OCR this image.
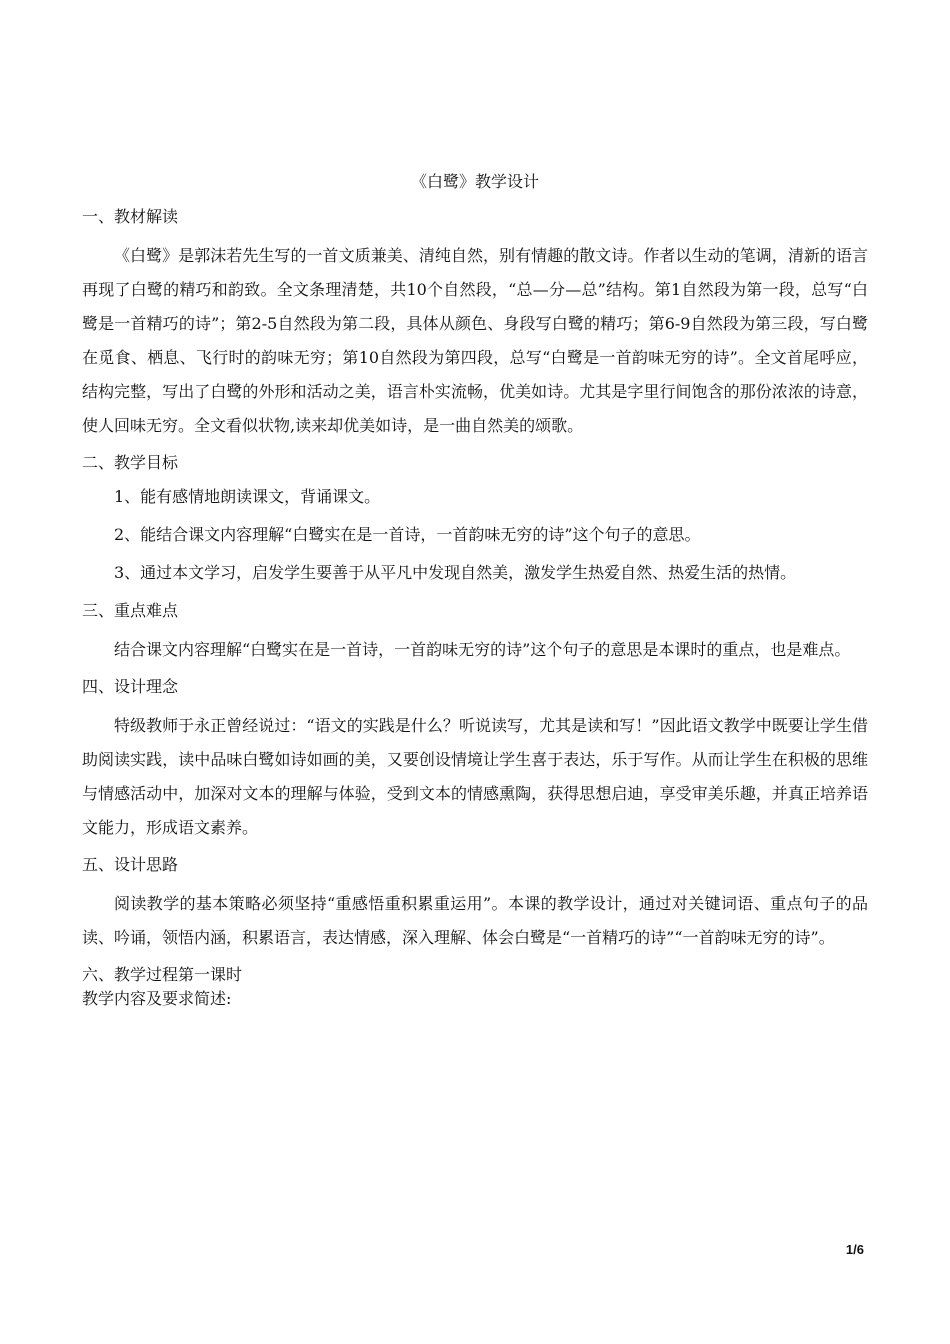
《白鹭》教学设计
一、教材解读

《白鹭》是郭沫若先生写的一首文质兼美、清纯自然，别有情趣的散文诗。作者以生动的笔调，清新的语言再现了白鹭的精巧和韵致。全文条理清楚，共10个自然段，“总—分—总”结构。第1自然段为第一段，总写“白鹭是一首精巧的诗”；第2-5自然段为第二段，具体从颜色、身段写白鹭的精巧；第6-9自然段为第三段，写白鹭在觅食、栖息、飞行时的韵味无穷；第10自然段为第四段，总写“白鹭是一首韵味无穷的诗”。全文首尾呼应，结构完整，写出了白鹭的外形和活动之美，语言朴实流畅，优美如诗。尤其是字里行间饱含的那份浓浓的诗意，使人回味无穷。全文看似状物,读来却优美如诗，是一曲自然美的颂歌。

二、教学目标

1、能有感情地朗读课文，背诵课文。

2、能结合课文内容理解“白鹭实在是一首诗，一首韵味无穷的诗”这个句子的意思。

3、通过本文学习，启发学生要善于从平凡中发现自然美，激发学生热爱自然、热爱生活的热情。

三、重点难点

结合课文内容理解“白鹭实在是一首诗，一首韵味无穷的诗”这个句子的意思是本课时的重点，也是难点。

四、设计理念

特级教师于永正曾经说过：“语文的实践是什么？听说读写，尤其是读和写！”因此语文教学中既要让学生借助阅读实践，读中品味白鹭如诗如画的美，又要创设情境让学生喜于表达，乐于写作。从而让学生在积极的思维与情感活动中，加深对文本的理解与体验，受到文本的情感熏陶，获得思想启迪，享受审美乐趣，并真正培养语文能力，形成语文素养。

五、设计思路

阅读教学的基本策略必须坚持“重感悟重积累重运用”。本课的教学设计，通过对关键词语、重点句子的品读、吟诵，领悟内涵，积累语言，表达情感，深入理解、体会白鹭是“一首精巧的诗”“一首韵味无穷的诗”。

六、教学过程第一课时
教学内容及要求简述:
1/6
